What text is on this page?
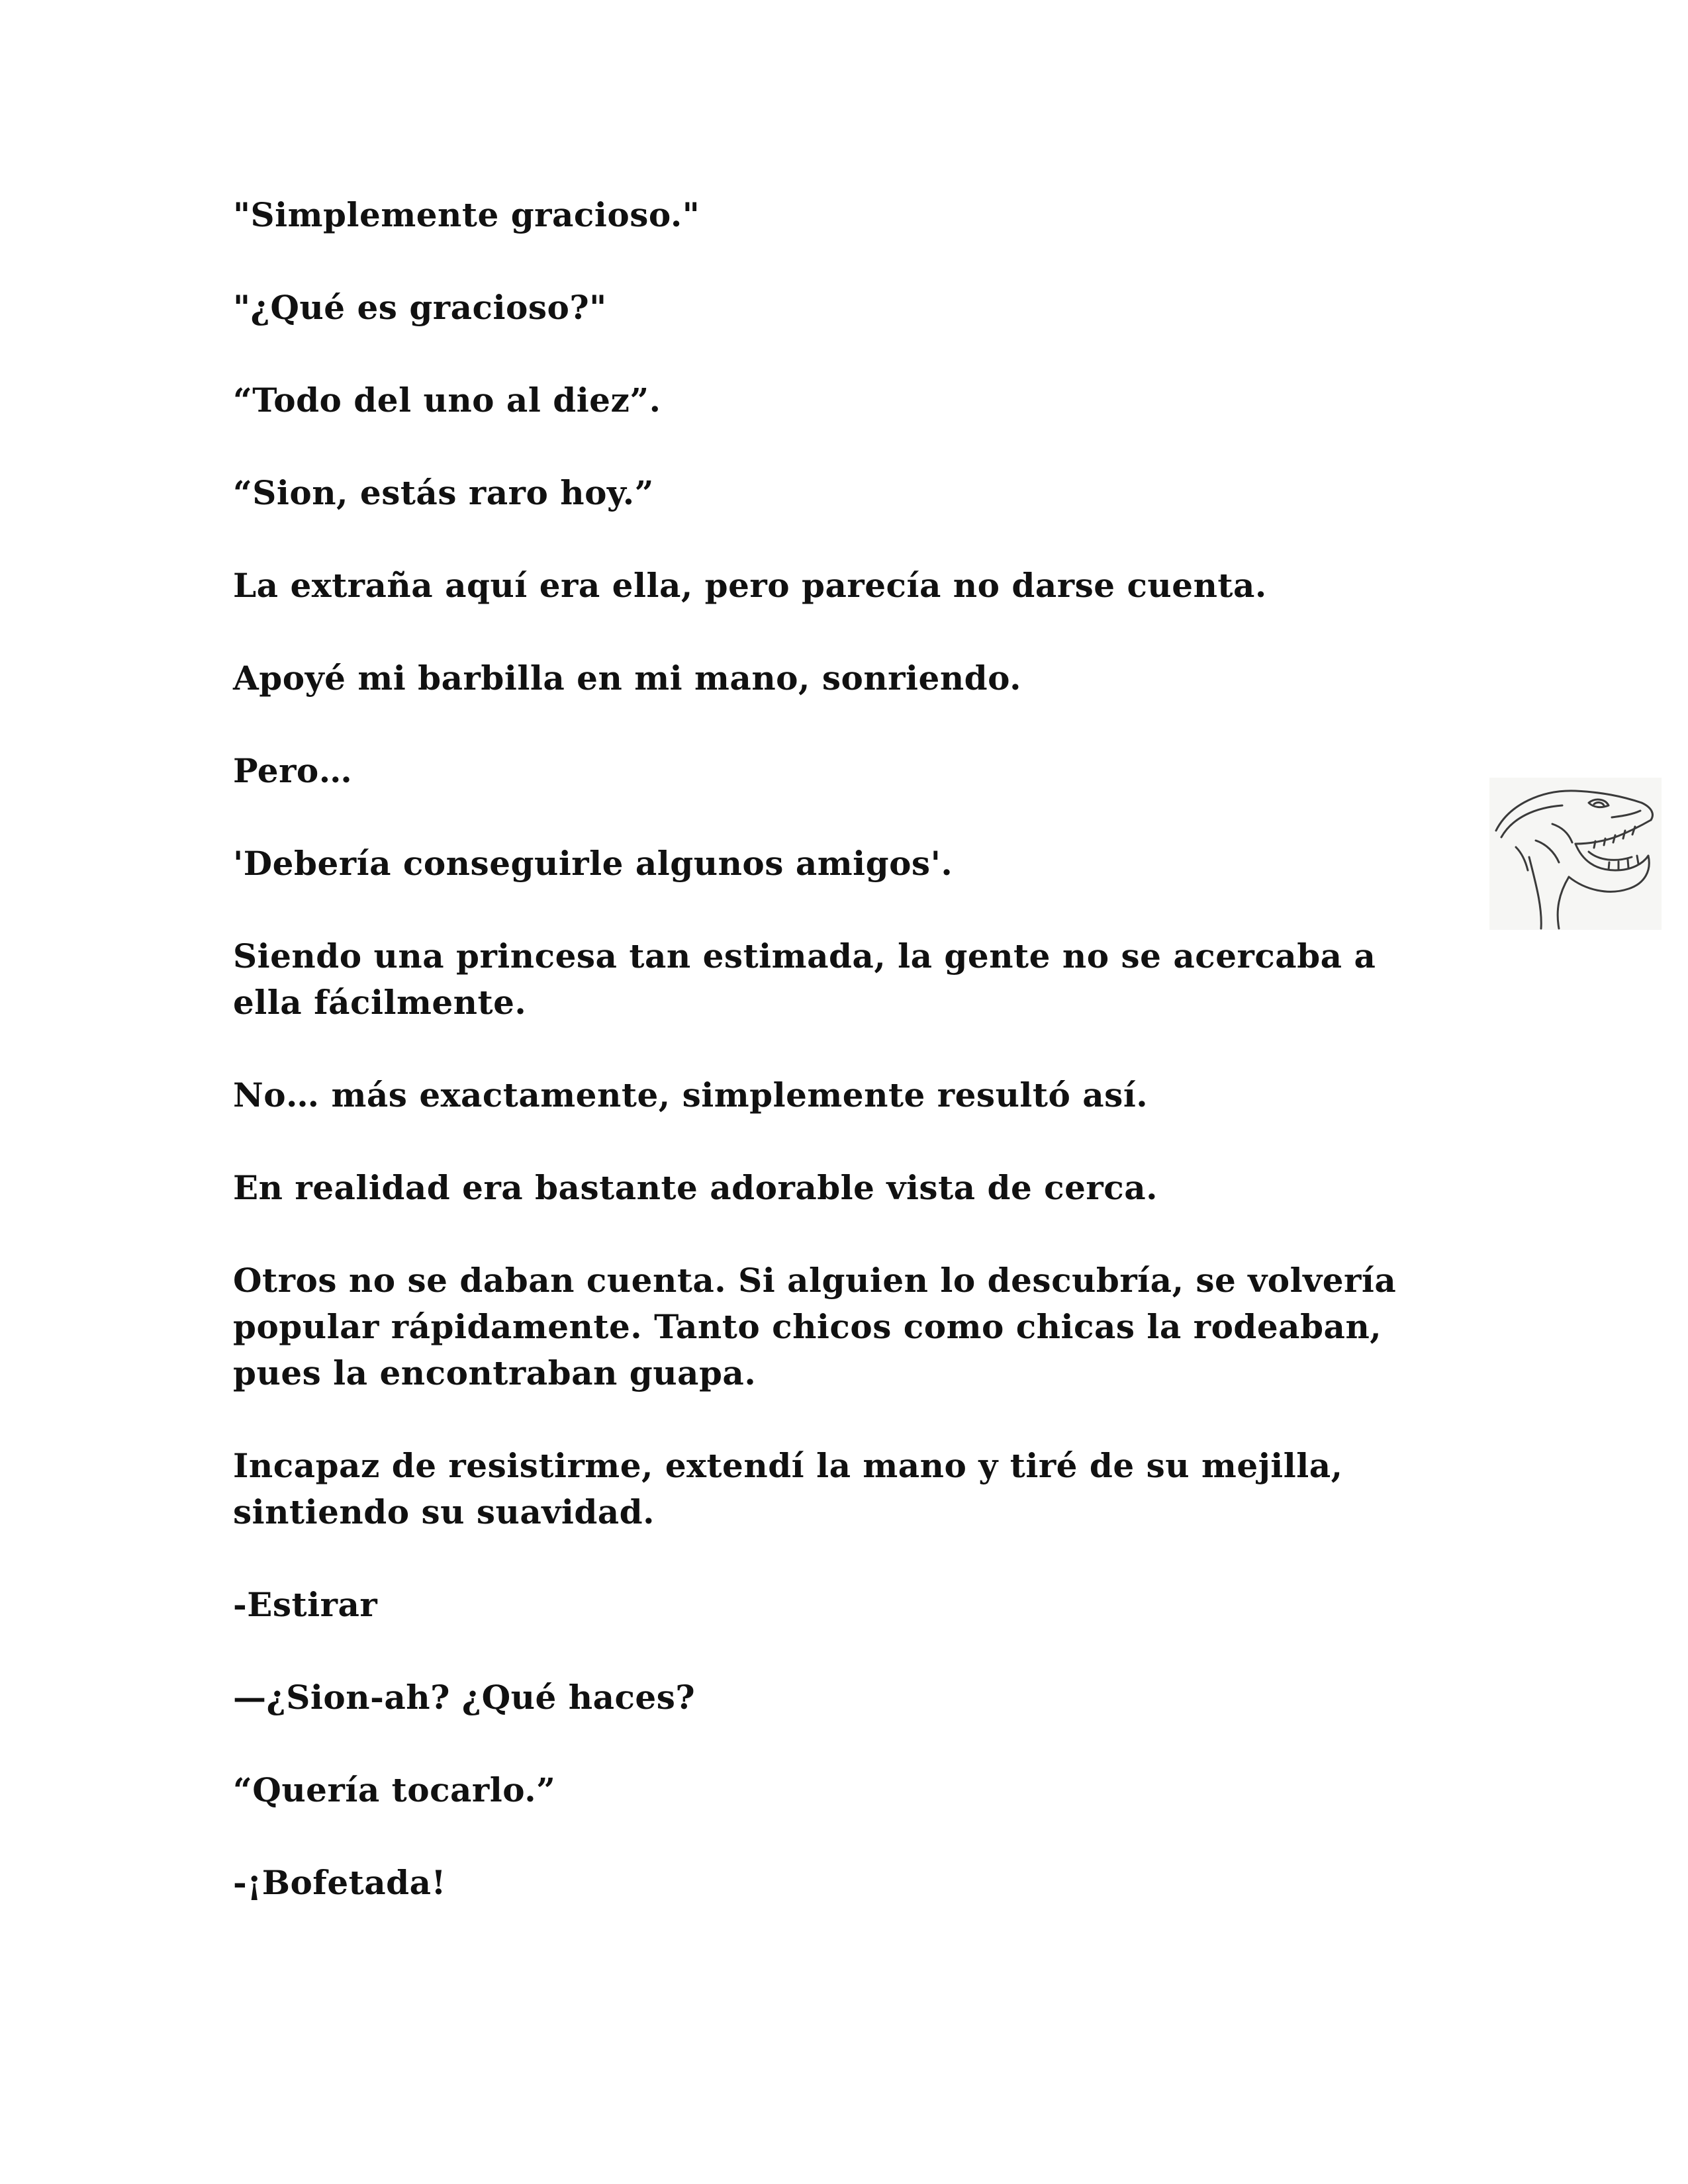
"Simplemente gracioso."

"¿Qué es gracioso?"

“Todo del uno al diez”.

“Sion, estás raro hoy.”

La extraña aquí era ella, pero parecía no darse cuenta.

Apoyé mi barbilla en mi mano, sonriendo.

Pero…

'Debería conseguirle algunos amigos'.

Siendo una princesa tan estimada, la gente no se acercaba a
ella fácilmente.

No… más exactamente, simplemente resultó así.

En realidad era bastante adorable vista de cerca.

Otros no se daban cuenta. Si alguien lo descubría, se volvería
popular rápidamente. Tanto chicos como chicas la rodeaban,
pues la encontraban guapa.

Incapaz de resistirme, extendí la mano y tiré de su mejilla,
sintiendo su suavidad.

-Estirar

—¿Sion-ah? ¿Qué haces?

“Quería tocarlo.”

-¡Bofetada!
